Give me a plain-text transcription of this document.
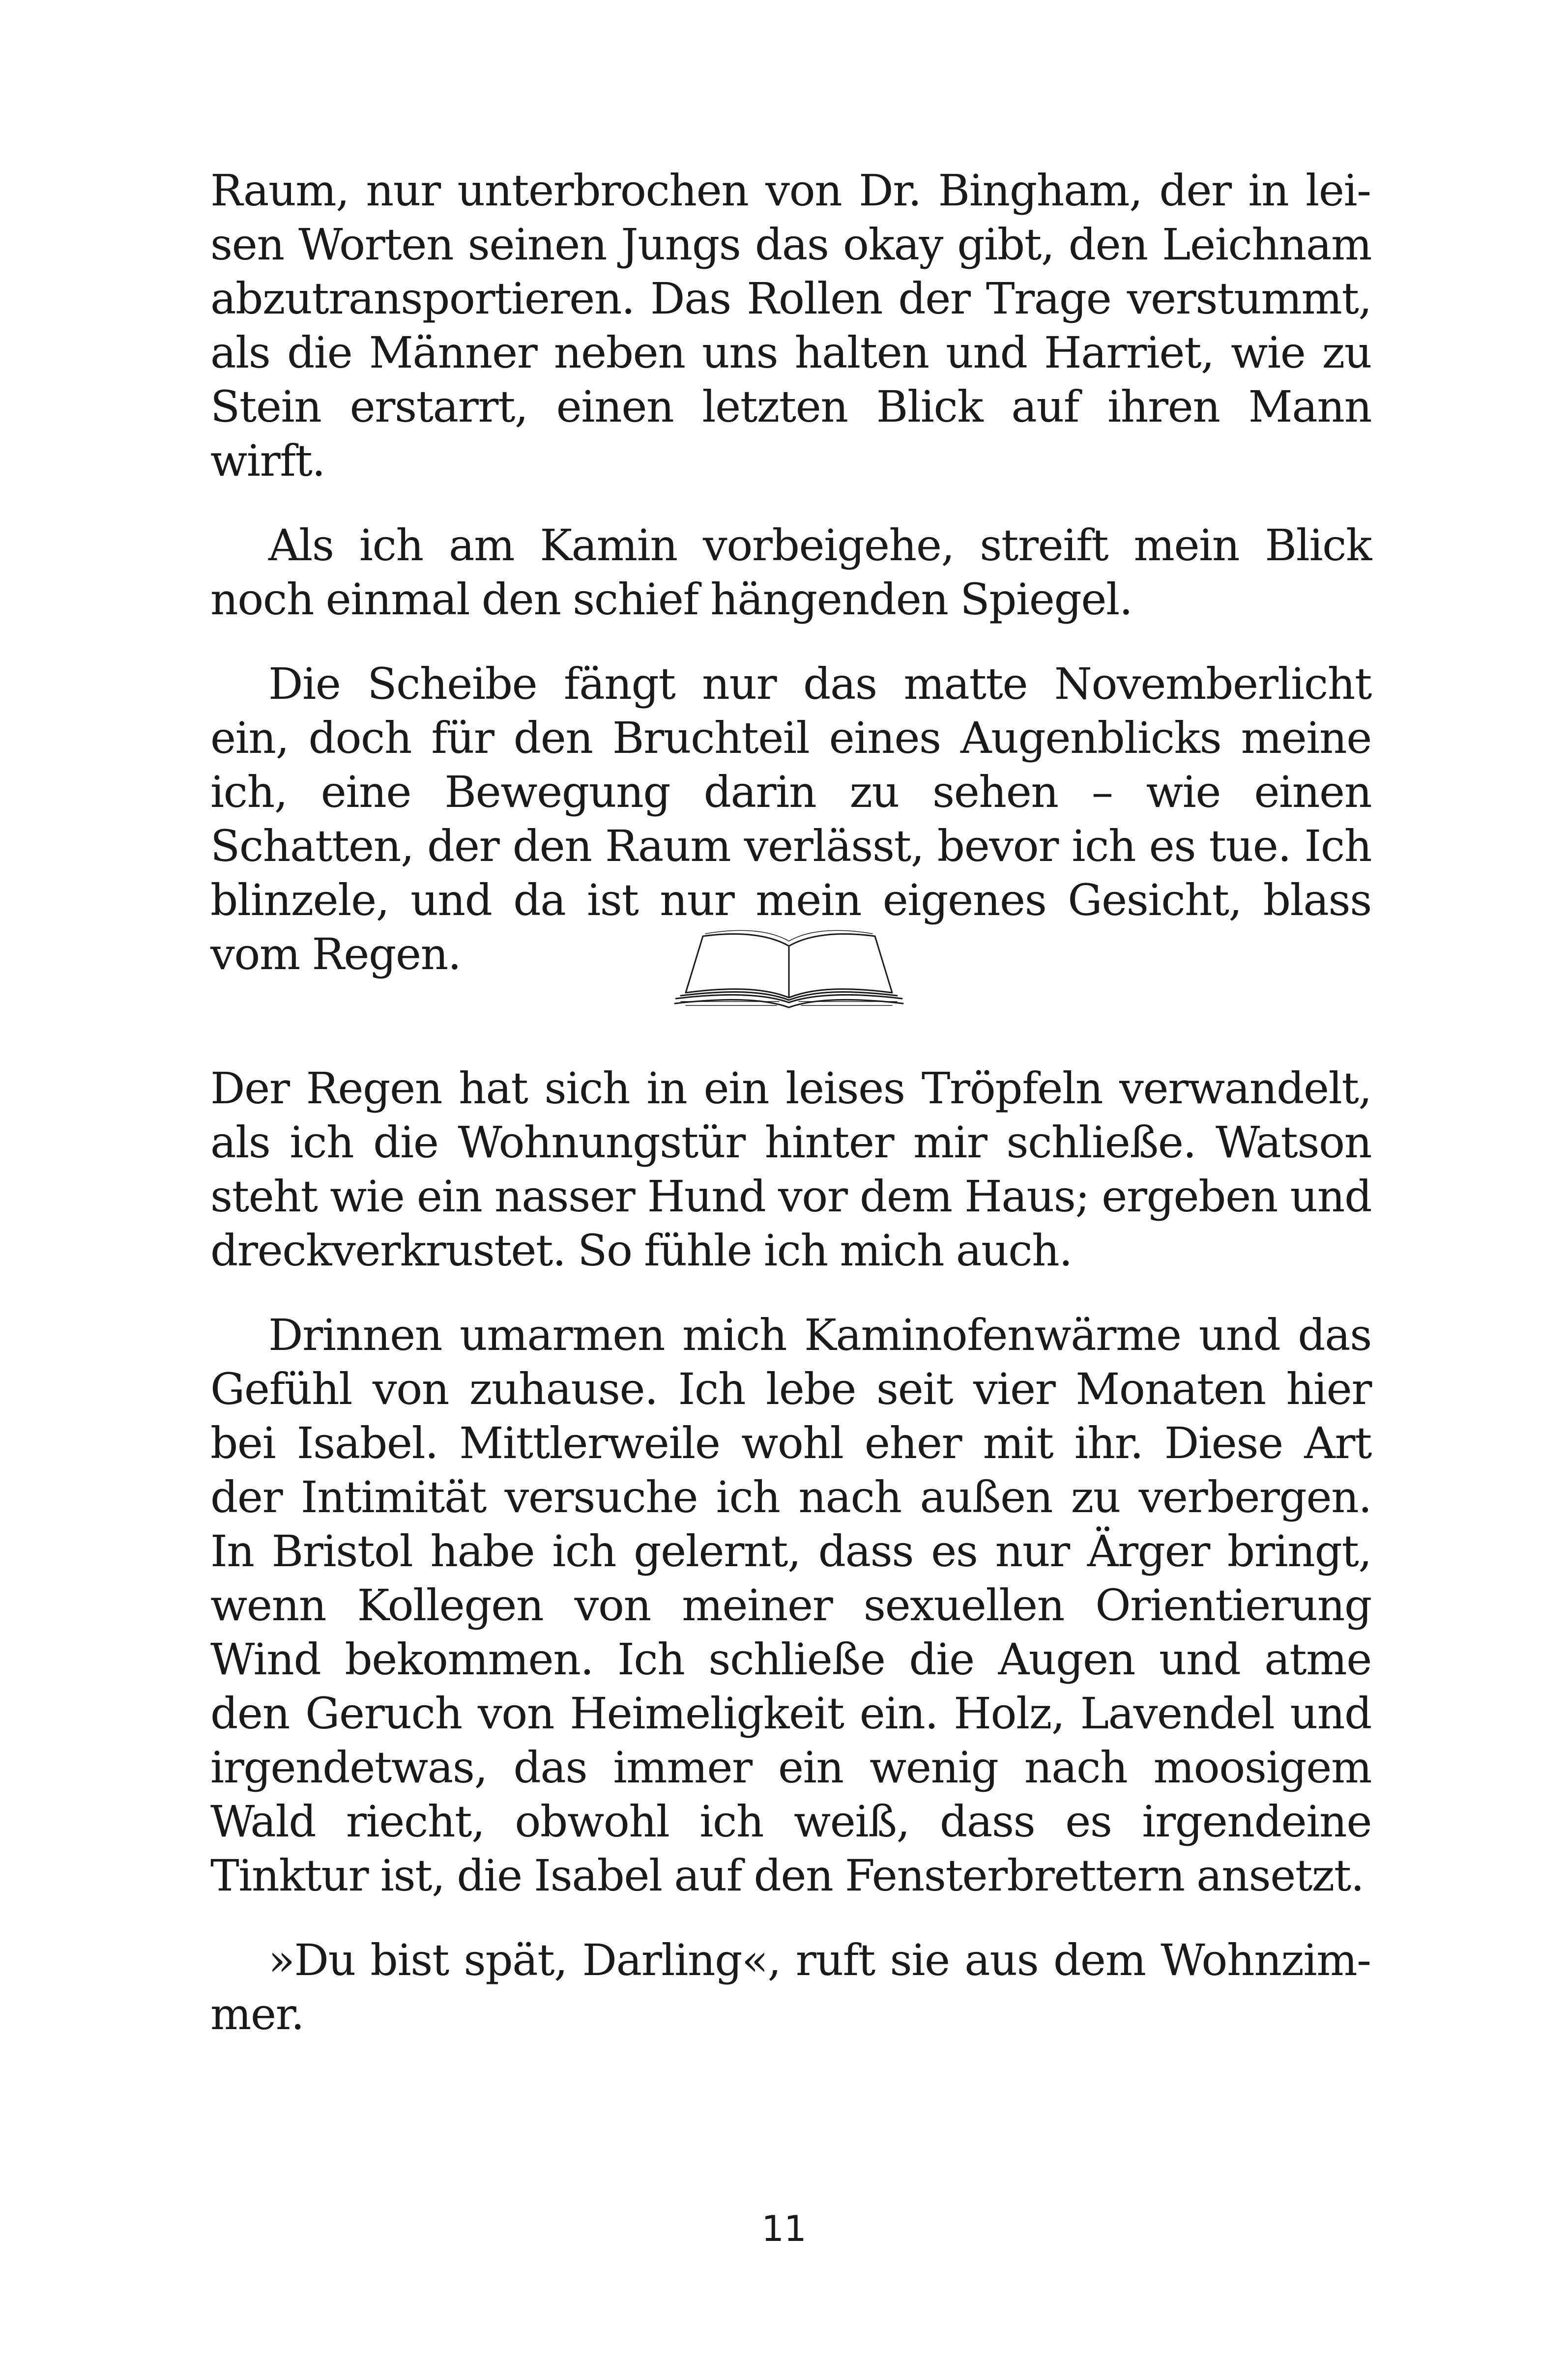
Raum, nur unterbrochen von Dr. Bingham, der in leisen Worten seinen Jungs das okay gibt, den Leichnam abzutransportieren. Das Rollen der Trage verstummt, als die Männer neben uns halten und Harriet, wie zu Stein erstarrt, einen letzten Blick auf ihren Mann wirft.

Als ich am Kamin vorbeigehe, streift mein Blick noch einmal den schief hängenden Spiegel.

Die Scheibe fängt nur das matte Novemberlicht ein, doch für den Bruchteil eines Augenblicks meine ich, eine Bewegung darin zu sehen – wie einen Schatten, der den Raum verlässt, bevor ich es tue. Ich blinzele, und da ist nur mein eigenes Gesicht, blass vom Regen.

Der Regen hat sich in ein leises Tröpfeln verwandelt, als ich die Wohnungstür hinter mir schließe. Watson steht wie ein nasser Hund vor dem Haus; ergeben und dreckverkrustet. So fühle ich mich auch.

Drinnen umarmen mich Kaminofenwärme und das Gefühl von zuhause. Ich lebe seit vier Monaten hier bei Isabel. Mittlerweile wohl eher mit ihr. Diese Art der Intimität versuche ich nach außen zu verbergen. In Bristol habe ich gelernt, dass es nur Ärger bringt, wenn Kollegen von meiner sexuellen Orientierung Wind bekommen. Ich schließe die Augen und atme den Geruch von Heimeligkeit ein. Holz, Lavendel und irgendetwas, das immer ein wenig nach moosigem Wald riecht, obwohl ich weiß, dass es irgendeine Tinktur ist, die Isabel auf den Fensterbrettern ansetzt.

»Du bist spät, Darling«, ruft sie aus dem Wohnzimmer.

11
